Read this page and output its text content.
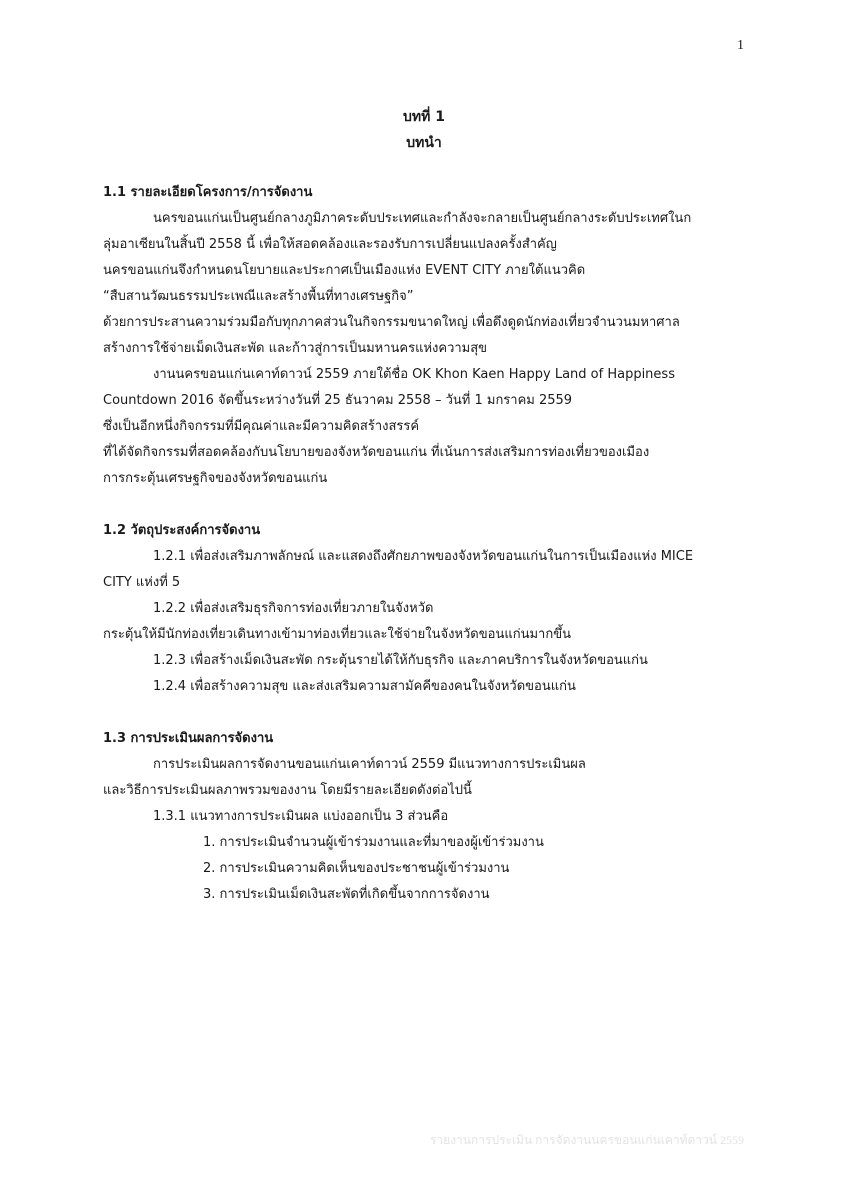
1
บทที่ 1
บทนำ
1.1 รายละเอียดโครงการ/การจัดงาน
นครขอนแก่นเป็นศูนย์กลางภูมิภาคระดับประเทศและกำลังจะกลายเป็นศูนย์กลางระดับประเทศในก
ลุ่มอาเซียนในสิ้นปี 2558 นี้ เพื่อให้สอดคล้องและรองรับการเปลี่ยนแปลงครั้งสำคัญ
นครขอนแก่นจึงกำหนดนโยบายและประกาศเป็นเมืองแห่ง EVENT CITY ภายใต้แนวคิด
“สืบสานวัฒนธรรมประเพณีและสร้างพื้นที่ทางเศรษฐกิจ”
ด้วยการประสานความร่วมมือกับทุกภาคส่วนในกิจกรรมขนาดใหญ่ เพื่อดึงดูดนักท่องเที่ยวจำนวนมหาศาล
สร้างการใช้จ่ายเม็ดเงินสะพัด และก้าวสู่การเป็นมหานครแห่งความสุข
งานนครขอนแก่นเคาท์ดาวน์ 2559 ภายใต้ชื่อ OK Khon Kaen Happy Land of Happiness
Countdown 2016 จัดขึ้นระหว่างวันที่ 25 ธันวาคม 2558 – วันที่ 1 มกราคม 2559
ซึ่งเป็นอีกหนึ่งกิจกรรมที่มีคุณค่าและมีความคิดสร้างสรรค์
ที่ได้จัดกิจกรรมที่สอดคล้องกับนโยบายของจังหวัดขอนแก่น ที่เน้นการส่งเสริมการท่องเที่ยวของเมือง
การกระตุ้นเศรษฐกิจของจังหวัดขอนแก่น
1.2 วัตถุประสงค์การจัดงาน
1.2.1 เพื่อส่งเสริมภาพลักษณ์ และแสดงถึงศักยภาพของจังหวัดขอนแก่นในการเป็นเมืองแห่ง MICE
CITY แห่งที่ 5
1.2.2 เพื่อส่งเสริมธุรกิจการท่องเที่ยวภายในจังหวัด
กระตุ้นให้มีนักท่องเที่ยวเดินทางเข้ามาท่องเที่ยวและใช้จ่ายในจังหวัดขอนแก่นมากขึ้น
1.2.3 เพื่อสร้างเม็ดเงินสะพัด กระตุ้นรายได้ให้กับธุรกิจ และภาคบริการในจังหวัดขอนแก่น
1.2.4 เพื่อสร้างความสุข และส่งเสริมความสามัคคีของคนในจังหวัดขอนแก่น
1.3 การประเมินผลการจัดงาน
การประเมินผลการจัดงานขอนแก่นเคาท์ดาวน์ 2559 มีแนวทางการประเมินผล
และวิธีการประเมินผลภาพรวมของงาน โดยมีรายละเอียดดังต่อไปนี้
1.3.1 แนวทางการประเมินผล แบ่งออกเป็น 3 ส่วนคือ
1. การประเมินจำนวนผู้เข้าร่วมงานและที่มาของผู้เข้าร่วมงาน
2. การประเมินความคิดเห็นของประชาชนผู้เข้าร่วมงาน
3. การประเมินเม็ดเงินสะพัดที่เกิดขึ้นจากการจัดงาน
รายงานการประเมิน การจัดงานนครขอนแก่นเคาท์ดาวน์ 2559
